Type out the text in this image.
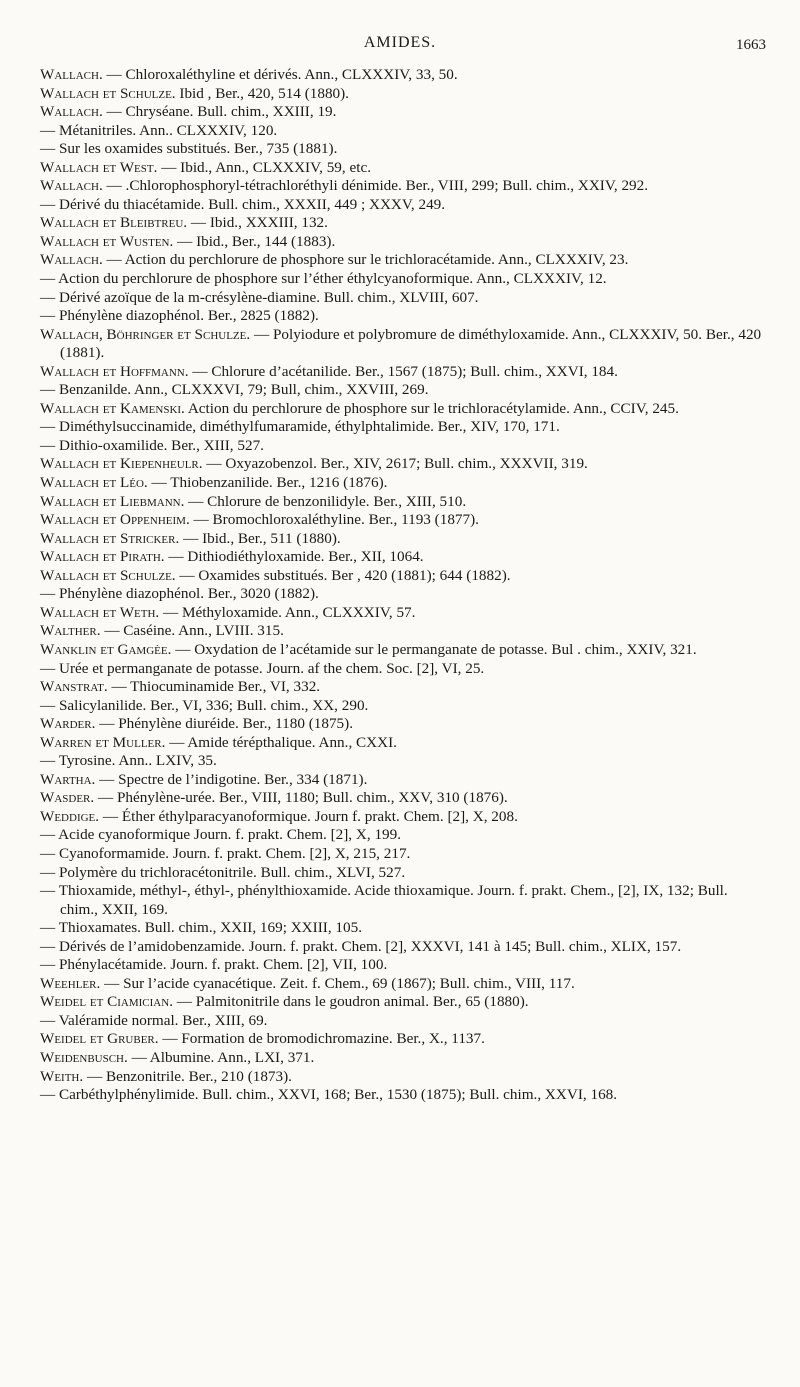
AMIDES.	1663

Wallach. — Chloroxaléthyline et dérivés. Ann., CLXXXIV, 33, 50.

Wallach et Schulze. Ibid , Ber., 420, 514 (1880).

Wallach. — Chryséane. Bull. chim., XXIII, 19.

— Métanitriles. Ann.. CLXXXIV, 120.

— Sur les oxamides substitués. Ber., 735 (1881).

Wallach et West. — Ibid., Ann., CLXXXIV, 59, etc.

Wallach. — .Chlorophosphoryl-tétrachloréthyli dénimide. Ber., VIII, 299; Bull. chim., XXIV, 292.

— Dérivé du thiacétamide. Bull. chim., XXXII, 449 ; XXXV, 249.

Wallach et Bleibtreu. — Ibid., XXXIII, 132.

Wallach et Wusten. — Ibid., Ber., 144 (1883).

Wallach. — Action du perchlorure de phosphore sur le trichloracétamide. Ann., CLXXXIV, 23.

— Action du perchlorure de phosphore sur l’éther éthylcyanoformique. Ann., CLXXXIV, 12.

— Dérivé azoïque de la m-crésylène-diamine. Bull. chim., XLVIII, 607.

— Phénylène diazophénol. Ber., 2825 (1882).

Wallach, Böhringer et Schulze. — Polyiodure et polybromure de diméthyloxamide. Ann., CLXXXIV, 50. Ber., 420 (1881).

Wallach et Hoffmann. — Chlorure d’acétanilide. Ber., 1567 (1875); Bull. chim., XXVI, 184.

— Benzanilde. Ann., CLXXXVI, 79; Bull, chim., XXVIII, 269.

Wallach et Kamenski. Action du perchlorure de phosphore sur le trichloracétylamide. Ann., CCIV, 245.

— Diméthylsuccinamide, diméthylfumaramide, éthylphtalimide. Ber., XIV, 170, 171.

— Dithio-oxamilide. Ber., XIII, 527.

Wallach et Kiepenheulr. — Oxyazobenzol. Ber., XIV, 2617; Bull. chim., XXXVII, 319.

Wallach et Léo. — Thiobenzanilide. Ber., 1216 (1876).

Wallach et Liebmann. — Chlorure de benzonilidyle. Ber., XIII, 510.

Wallach et Oppenheim. — Bromochloroxaléthyline. Ber., 1193 (1877).

Wallach et Stricker. — Ibid., Ber., 511 (1880).

Wallach et Pirath. — Dithiodiéthyloxamide. Ber., XII, 1064.

Wallach et Schulze. — Oxamides substitués. Ber , 420 (1881); 644 (1882).

— Phénylène diazophénol. Ber., 3020 (1882).

Wallach et Weth. — Méthyloxamide. Ann., CLXXXIV, 57.

Walther. — Caséine. Ann., LVIII. 315.

Wanklin et Gamgèe. — Oxydation de l’acétamide sur le permanganate de potasse. Bul . chim., XXIV, 321.

— Urée et permanganate de potasse. Journ. af the chem. Soc. [2], VI, 25.

Wanstrat. — Thiocuminamide Ber., VI, 332.

— Salicylanilide. Ber., VI, 336; Bull. chim., XX, 290.

Warder. — Phénylène diuréide. Ber., 1180 (1875).

Warren et Muller. — Amide térépthalique. Ann., CXXI.

— Tyrosine. Ann.. LXIV, 35.

Wartha. — Spectre de l’indigotine. Ber., 334 (1871).

Wasder. — Phénylène-urée. Ber., VIII, 1180; Bull. chim., XXV, 310 (1876).

Weddige. — Éther éthylparacyanoformique. Journ f. prakt. Chem. [2], X, 208.

— Acide cyanoformique Journ. f. prakt. Chem. [2], X, 199.

— Cyanoformamide. Journ. f. prakt. Chem. [2], X, 215, 217.

— Polymère du trichloracétonitrile. Bull. chim., XLVI, 527.

— Thioxamide, méthyl-, éthyl-, phénylthioxamide. Acide thioxamique. Journ. f. prakt. Chem., [2], IX, 132; Bull. chim., XXII, 169.

— Thioxamates. Bull. chim., XXII, 169; XXIII, 105.

— Dérivés de l’amidobenzamide. Journ. f. prakt. Chem. [2], XXXVI, 141 à 145; Bull. chim., XLIX, 157.

— Phénylacétamide. Journ. f. prakt. Chem. [2], VII, 100.

Weehler. — Sur l’acide cyanacétique. Zeit. f. Chem., 69 (1867); Bull. chim., VIII, 117.

Weidel et Ciamician. — Palmitonitrile dans le goudron animal. Ber., 65 (1880).

— Valéramide normal. Ber., XIII, 69.

Weidel et Gruber. — Formation de bromodichromazine. Ber., X., 1137.

Weidenbusch. — Albumine. Ann., LXI, 371.

Weith. — Benzonitrile. Ber., 210 (1873).

— Carbéthylphénylimide. Bull. chim., XXVI, 168; Ber., 1530 (1875); Bull. chim., XXVI, 168.
